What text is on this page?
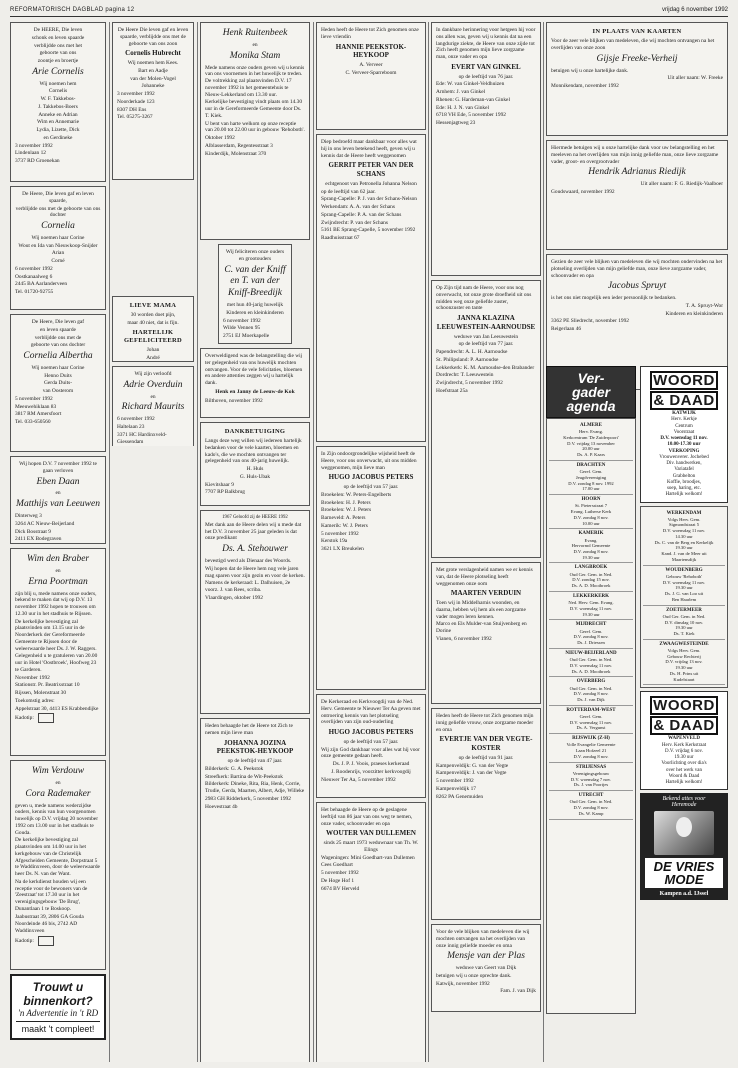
REFORMATORISCH DAGBLAD pagina 12	vrijdag 6 november 1992

De HEERE, Die leven

schonk en leven spaarde

verblijdde ons met het

geboorte van ons

zoontje en broertje

Arie Cornelis

Wij noemen hem

Cornelis

W. F. Takkebos-

J. Takkebos-Boers

Anneke en Adrian

Wim en Annemarie

Lydia, Lizette, Dick

en Gerdineke

3 november 1992

Lindenlaan 12

3737 RD Groenekan

De Heere, Die leven gaf en leven spaarde,

verblijdde ons met de geboorte van ons dochter

Cornelia

Wij noemen haar Corine

Wout en Ida van Nieuwkoop-Snijder

Arian

Corné

6 november 1992

Oostkanaalweg 6

2445 BA Aarlanderveen

Tel. 01720-92755

De Heere, Die leven gaf

en leven spaarde

verblijdde ons met de

geboorte van ons dochter

Cornelia Albertha

Wij noemen haar Corine

Henno Duits

Gerda Duits-

van Oosterom

5 november 1992

Meeuwehiklaan 83

3817 RM Amersfoort

Tel. 033-650560

Wij hopen D.V. 7 november 1992 te gaan verloven

Eben Daan

en

Matthijs van Leeuwen

Dinterweg 3

3264 AC Nieuw-Beijerland

Dick Bosstraat 9

2411 EX Bodegraven

Wim den Braber

en

Erna Poortman

zijn blij u, mede namens onze ouders, bekend te maken dat wij op D.V. 13 november 1992 hopen te trouwen om 12.30 uur in het stadhuis te Rijssen.

De kerkelijke bevestiging zal plaatsvinden om 13.15 uur in de Noorderkerk der Gereformeerde Gemeente te Rijssen door de weleerwaarde heer Ds. J. W. Raggers.

Gelegenheid u te gratuleren van 20.00 uur in Hotel 'Oostbroek', Hoofweg 23 te Garderen.

November 1992

Stationstr. Pr. Beatrixstraat 10

Rijssen, Molenstraat 30

Toekomstig adres:

Appelstraat 30, 4413 ES Krabbendijke

Kadotip:

Wim Verdouw

en

Cora Rademaker

geven u, mede namens wederzijdse ouders, kennis van hun voorgenomen huwelijk op D.V. vrijdag 20 november 1992 om 13.00 uur in het stadhuis te Gouda.

De kerkelijke bevestiging zal plaatsvinden om 14.00 uur in het kerkgebouw van de Christelijk Afgescheiden Gemeente, Dorpstraat 5 te Waddinxveen, door de weleerwaarde heer Ds. N. van der Want.

Na de kerkdienst houden wij een receptie voor de bewoners van de 'Zeestraat' tot 17.30 uur in het verenigingsgebouw 'De Brug', Dunantlaan 1 te Boskoop.

Jaabustraat 39, 2806 GA Gouda

Noordeinde 46 bis, 2742 AD Waddinxveen

Kadotip:

Trouwt u binnenkort?
'n Advertentie in 't RD
maakt 't compleet!

De Heere Die leven gaf en leven spaarde, verblijdde ons met de geboorte van ons zoon

Cornelis Hubrecht

Wij noemen hem Kees.

Bart en Aadje

van der Molen-Vogel

Johanneke

3 november 1992

Noorderkade 123

8307 DH Ens

Tel. 05275-3267

LIEVE MAMA

30 worden doet pijn,

maar 40 niet, dat is fijn.

HARTELIJK GEFELICITEERD

Johan

André

Wij zijn verloofd

Adrie Overduin

en

Richard Maurits

6 november 1992

Haltelaan 23

3371 HC Hardinxveld-Giessendam

Henk Ruitenbeek

en

Monika Stam

Mede namens onze ouders geven wij u kennis van ons voornemen in het huwelijk te treden. De voltrekking zal plaatsvinden D.V. 17 november 1992 in het gemeentehuis te Nieuw-Lekkerland om 13.30 uur.

Kerkelijke bevestiging vindt plaats om 14.30 uur in de Gereformeerde Gemeente door Ds. T. Kiek.

U bent van harte welkom op onze receptie van 20.00 tot 22.00 uur in gebouw 'Rehoboth'.

Oktober 1992

Alblasserdam, Regentesstraat 3

Kinderdijk, Molenstraat 370

Wij feliciteren onze ouders en grootouders

C. van der Kniff en T. van der Kniff-Breedijk

met hun 40-jarig huwelijk

Kinderen en kleinkinderen

6 november 1992

Wilde Vennen 95

2751 EJ Moerkapelle

Overweldigend was de belangstelling die wij ter gelegenheid van ons huwelijk mochten ontvangen. Voor de vele felicitaties, bloemen en andere attenties zeggen wij u hartelijk dank.

Henk en Janny de Leeuw-de Kok

Bilthoven, november 1992

DANKBETUIGING

Langs deze weg willen wij iedereen hartelijk bedanken voor de vele kaarten, bloemen en kado's, die we mochten ontvangen ter gelegenheid van ons 40-jarig huwelijk.

H. Huls

G. Huls-Ubak

Kievitshaar 9

7707 RP Balkbrug

1967 Geloofd zij de HEERE 1992

Met dank aan de Heere delen wij u mede dat het D.V. 3 november 25 jaar geleden is dat onze predikant

Ds. A. Stehouwer

bevestigd werd als Dienaar des Woords.

Wij hopen dat de Heere hem nog vele jaren mag sparen voor zijn gezin en voor de kerken.

Namens de kerkeraad: L. Dalhuisen, 2e voorz. J. van Rees, scriba.

Vlaardingen, oktober 1992

Heden behaagde het de Heere tot Zich te nemen mijn lieve man

JOHANNA JOZINA PEEKSTOK-HEYKOOP

op de leeftijd van 47 jaar.

Bilderkerk: G. A. Peekstok

Streefkerk: Bartina de Wit-Peekstok

Bilderkerk: Dineke, Rita, Ria, Henk, Corrie, Trudie, Gerda, Maarten, Albert, Adje, Willeke

2983 GH Ridderkerk, 5 november 1992

Hoevestraat 4b

Heden heeft de Heere tot Zich genomen onze lieve vriendin

HANNIE PEEKSTOK-HEYKOOP

A. Verveer

C. Verveer-Sparreboom

Diep bedroefd maar dankbaar voor alles wat hij in ons leven betekend heeft, geven wij u kennis dat de Heere heeft weggenomen

GERRIT PETER VAN DER SCHANS

echtgenoot van Petronella Johanna Nelson

op de leeftijd van 62 jaar.

Sprang-Capelle: P. J. van der Schans-Nelson

Werkendam: A. A. van der Schans

Sprang-Capelle: P. A. van der Schans

Zwijndrecht: P. van der Schans

5161 BE Sprang-Capelle, 5 november 1992

Raadhuisstraat 67

In Zijn ondoorgrondelijke wijsheid heeft de Heere, voor ons onverwacht, uit ons midden weggenomen, mijn lieve man

HUGO JACOBUS PETERS

op de leeftijd van 57 jaar.

Broekelen: W. Peters-Engelberts

Broekelen: H. J. Peters

Broekelen: W. J. Peters

Barneveld: A. Peters

Kamerik: W. J. Peters

5 november 1992

Kerstok 19a

3621 LX Breukelen

De Kerkeraad en Kerkvoogdij van de Ned. Herv. Gemeente te Nieuwer Ter Aa geven met ontroering kennis van het plotseling overlijden van zijn oud-ouderling

HUGO JACOBUS PETERS

op de leeftijd van 57 jaar.

Wij zijn God dankbaar voor alles wat hij voor onze gemeente gedaan heeft.

Ds. J. P. J. Voois, praeses kerkeraad

J. Roodenrijs, voorzitter kerkvoogdij

Nieuwer Ter Aa, 5 november 1992

Het behaagde de Heere op de geslagene leeftijd van 86 jaar van ons weg te nemen, onze vader, schoonvader en opa

WOUTER VAN DULLEMEN

sinds 25 maart 1973 weduwnaar van Th. W. Elings

Wageningen: Mini Goedhart-van Dullemen

Cees Goedhart

5 november 1992

De Hoge Hof 1

6674 BV Herveld

In dankbare herinnering voor hetgeen hij voor ons allen was, geven wij u kennis dat na een langdurige ziekte, de Heere van onze zijde tot Zich heeft genomen mijn lieve zorgzame man, onze vader en opa

EVERT VAN GINKEL

op de leeftijd van 76 jaar.

Ede: W. van Ginkel-Veldhuizen

Arnhem: J. van Ginkel

Rhenen: G. Hardeman-van Ginkel

Ede: H. J. N. van Ginkel

6718 VH Ede, 5 november 1992

Hessenjagtweg 23

Op Zijn tijd nam de Heere, voor ons nog onverwacht, tot onze grote droefheid uit ons midden weg onze geliefde zuster, schoonzuster en tante

JANNA KLAZINA LEEUWESTEIN-AARNOUDSE

weduwe van Jan Leeuwestein

op de leeftijd van 77 jaar.

Papendrecht: A. L. H. Aarnoudse

St. Philipsland: P. Aarnoudse

Lekkerkerk: K. M. Aarnoudse-den Brabander

Dordrecht: T. Leeuwestein

Zwijndrecht, 5 november 1992

Hoefstraat 25a

Met grote verslagenheid namen we er kennis van, dat de Heere plotseling heeft weggenomen onze oom

MAARTEN VERDUIN

Toen wij in Middelharnis woonden, en daarna, hebben wij hem als een zorgzame vader mogen leren kennen.

Marco en Els Mulder-van Stuijvenberg en Dorine

Vianen, 6 november 1992

Heden heeft de Heere tot Zich genomen mijn innig geliefde vrouw, onze zorgzame moeder en oma

EVERTJE VAN DER VEGTE-KOSTER

op de leeftijd van 91 jaar.

Kampenveldijk: G. van der Vegte

Kampenveldijk: J. van der Vegte

5 november 1992

Kampenveldijk 17

8262 PA Genemuiden

Voor de vele blijken van medeleven die wij mochten ontvangen na het overlijden van onze innig geliefde moeder en oma

Mensje van der Plas

weduwe van Geert van Dijk

betuigen wij u onze oprechte dank.

Katwijk, november 1992

Fam. J. van Dijk

IN PLAATS VAN KAARTEN

Voor de zeer vele blijken van medeleven, die wij mochten ontvangen na het overlijden van onze zoon

Gijsje Freeke-Verheij

betuigen wij u onze hartelijke dank.

Uit aller naam: W. Freeke

Monnikendam, november 1992

Hiermede betuigen wij u onze hartelijke dank voor uw belangstelling en het meeleven na het overlijden van mijn innig geliefde man, onze lieve zorgzame vader, groot- en overgrootvader

Hendrik Adrianus Riedijk

Uit aller naam: F. G. Riedijk-Vaalboer

Goudswaard, november 1992

Gezien de zeer vele blijken van medeleven die wij mochten ondervinden na het plotseling overlijden van mijn geliefde man, onze lieve zorgzame vader, schoonvader en opa

Jacobus Spruyt

is het ons niet mogelijk een ieder persoonlijk te bedanken.

T. A. Spruyt-Wor

Kinderen en kleinkinderen

3362 PE Sliedrecht, november 1992

Reigerlaan 46

Ver-
gader
agenda
ALMERE
Herv. Evang.
Kerkcentrum 'De Zuiderpoort'
D.V. vrijdag 13 november
20.00 uur
Ds. A. P. Kaars
DRACHTEN
Geref. Gem.
Jeugdvereniging
D.V. zondag 8 nov. 1992
17.00 uur
HOORN
St. Pietersstraat 7
Evang. Lutherse Kerk
D.V. zondag 8 nov.
10.00 uur
KAMERIK
Evang.
Hervormd Gemeente
D.V. zondag 8 nov.
19.30 uur
LANGBROEK
Oud Ger. Gem. in Ned.
D.V. zondag 15 nov.
Ds. A. D. Mooibroek
LEKKERKERK
Ned. Herv. Gem. Evang.
D.V. woensdag 11 nov.
19.30 uur
MIJDRECHT
Geref. Gem.
D.V. zondag 8 nov.
Ds. J. Driessen
NIEUW-BEIJERLAND
Oud Ger. Gem. in Ned.
D.V. woensdag 11 nov.
Ds. A. D. Mooibroek
OVERBERG
Oud Ger. Gem. in Ned.
D.V. zondag 8 nov.
Ds. J. van Dijk
ROTTERDAM-WEST
Geref. Gem.
D.V. woensdag 11 nov.
Ds. A. Vergunst
RIJSWIJK (Z-H)
Volle Evangelie Gemeente
Laan Hofzeel 21
D.V. zondag 8 nov.
STRIJENSAS
Verenigingsgebouw
D.V. woensdag 7 nov.
Ds. J. van Poortjes
UTRECHT
Oud Ger. Gem. in Ned.
D.V. zondag 8 nov.
Ds. W. Kamp
WOORD
& DAAD
KATWIJK
Herv. Kerkje
Centrum
Voorstraat
D.V. woensdag 11 nov.
10.00-17.30 uur
VERKOPING
Vrouwenverer. Jochebed
Div. handwerken,
Variatafel
Grabbelton
Koffie, broodjes,
soep, haring, etc.
Hartelijk welkom!
WERKENDAM
Volgs Herv. Gem.
Sigmondstraat 5
D.V. woensdag 11 nov.
14.30 uur
Ds. C. van de Berg en Kerkelijk
19.30 uur
Kand. J. van de Meer uit
Maartensdijk
WOUDENBERG
Gebouw 'Rehoboth'
D.V. woensdag 11 nov.
19.30 uur
Ds. J. G. van Loo uit
Ben Haarlem
ZOETERMEER
Oud Ger. Gem. in Ned.
D.V. dinsdag 10 nov.
19.30 uur
Ds. T. Kiek
ZWAAGWESTEINDE
Volgs Herv. Gem.
Gebouw Rechterij
D.V. vrijdag 13 nov.
19.30 uur
Ds. H. Prins uit
Kudelstaart
WOORD
& DAAD
WAPENVELD
Herv. Kerk Kerkstraat
D.V. vrijdag 6 nov.
19.30 uur
Voorlichting over dia's
over het werk van
Woord & Daad
Hartelijk welkom!
Bekend attes voor
Heremode
DE VRIES
MODE
Kampen a.d. IJssel
